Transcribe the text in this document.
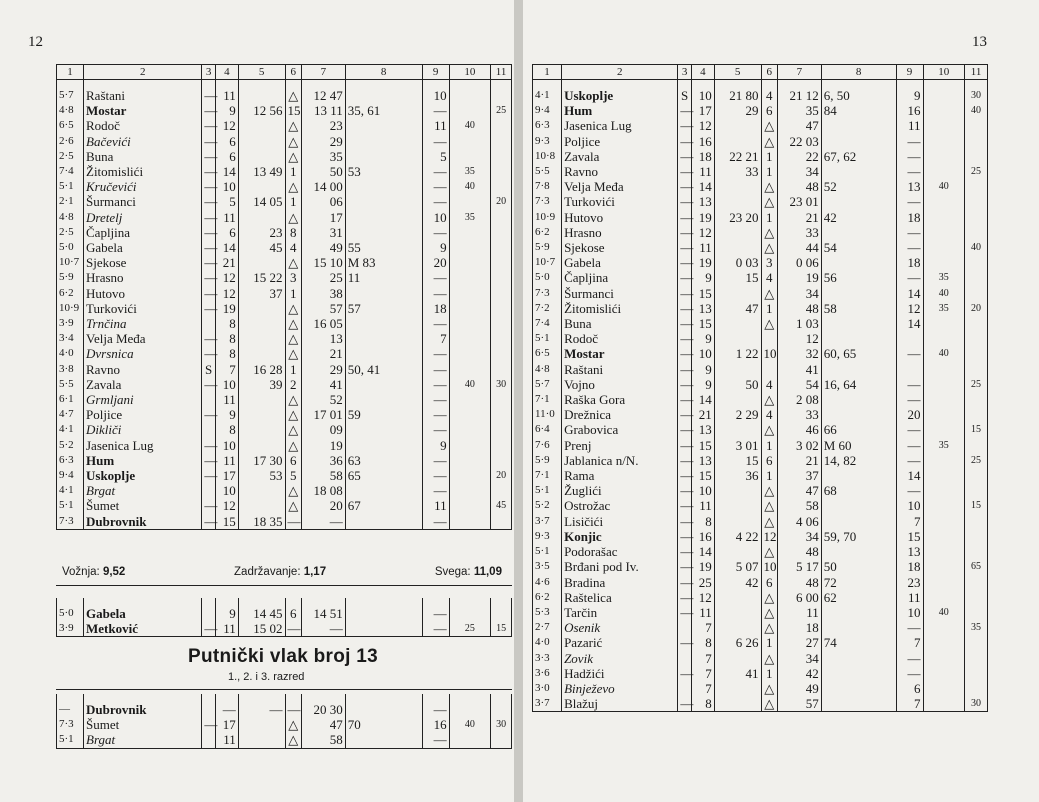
12	13
1	2	3	4	5	6	7	8	9	10	11
5·7	Raštani	—	11		△	12 47		10		
4·8	Mostar	—	9	12 56	15	13 11	35, 61	—		25
6·5	Rodoč	—	12		△	23		11	40	
2·6	Bačevići	—	6		△	29		—		
2·5	Buna	—	6		△	35		5		
7·4	Žitomislići	—	14	13 49	1	50	53	—	35	
5·1	Kručevići	—	10		△	14 00		—	40	
2·1	Šurmanci	—	5	14 05	1	06		—		20
4·8	Dretelj	—	11		△	17		10	35	
2·5	Čapljina	—	6	23	8	31		—		
5·0	Gabela	—	14	45	4	49	55	9		
10·7	Sjekose	—	21		△	15 10	M 83	20		
5·9	Hrasno	—	12	15 22	3	25	11	—		
6·2	Hutovo	—	12	37	1	38		—		
10·9	Turkovići	—	19		△	57	57	18		
3·9	Trnčina		8		△	16 05		—		
3·4	Velja Međa	—	8		△	13		7		
4·0	Dvrsnica	—	8		△	21		—		
3·8	Ravno	S	7	16 28	1	29	50, 41	—		
5·5	Zavala	—	10	39	2	41		—	40	30
6·1	Grmljani		11		△	52		—		
4·7	Poljice	—	9		△	17 01	59	—		
4·1	Dikliči		8		△	09		—		
5·2	Jasenica Lug	—	10		△	19		9		
6·3	Hum	—	11	17 30	6	36	63	—		
9·4	Uskoplje	—	17	53	5	58	65	—		20
4·1	Brgat		10		△	18 08		—		
5·1	Šumet	—	12		△	20	67	11		45
7·3	Dubrovnik	—	15	18 35	—	—		—		
Vožnja: 9,52	Zadržavanje: 1,17	Svega: 11,09
5·0	Gabela		9	14 45	6	14 51		—		
3·9	Metković	—	11	15 02	—	—		—	25	15
Putnički vlak broj 13
1., 2. i 3. razred
—	Dubrovnik		—	—	—	20 30		—		
7·3	Šumet	—	17		△	47	70	16	40	30
5·1	Brgat		11		△	58		—		
1	2	3	4	5	6	7	8	9	10	11
4·1	Uskoplje	S	10	21 80	4	21 12	6, 50	9		30
9·4	Hum	—	17	29	6	35	84	16		40
6·3	Jasenica Lug	—	12		△	47		11		
9·3	Poljice	—	16		△	22 03		—		
10·8	Zavala	—	18	22 21	1	22	67, 62	—		
5·5	Ravno	—	11	33	1	34		—		25
7·8	Velja Međa	—	14		△	48	52	13	40	
7·3	Turkovići	—	13		△	23 01		—		
10·9	Hutovo	—	19	23 20	1	21	42	18		
6·2	Hrasno	—	12		△	33		—		
5·9	Sjekose	—	11		△	44	54	—		40
10·7	Gabela	—	19	0 03	3	0 06		18		
5·0	Čapljina	—	9	15	4	19	56	—	35	
7·3	Šurmanci	—	15		△	34		14	40	
7·2	Žitomislići	—	13	47	1	48	58	12	35	20
7·4	Buna	—	15		△	1 03		14		
5·1	Rodoč	—	9			12				
6·5	Mostar	—	10	1 22	10	32	60, 65	—	40	
4·8	Raštani	—	9			41				
5·7	Vojno	—	9	50	4	54	16, 64	—		25
7·1	Raška Gora	—	14		△	2 08		—		
11·0	Drežnica	—	21	2 29	4	33		20		
6·4	Grabovica	—	13		△	46	66	—		15
7·6	Prenj	—	15	3 01	1	3 02	M 60	—	35	
5·9	Jablanica n/N.	—	13	15	6	21	14, 82	—		25
7·1	Rama	—	15	36	1	37		14		
5·1	Žuglići	—	10		△	47	68	—		
5·2	Ostrožac	—	11		△	58		10		15
3·7	Lisičići	—	8		△	4 06		7		
9·3	Konjic	—	16	4 22	12	34	59, 70	15		
5·1	Podorašac	—	14		△	48		13		
3·5	Brđani pod Iv.	—	19	5 07	10	5 17	50	18		65
4·6	Bradina	—	25	42	6	48	72	23		
6·2	Raštelica	—	12		△	6 00	62	11		
5·3	Tarčin	—	11		△	11		10	40	
2·7	Osenik		7		△	18		—		35
4·0	Pazarić	—	8	6 26	1	27	74	7		
3·3	Zovik		7		△	34		—		
3·6	Hadžići	—	7	41	1	42		—		
3·0	Binježevo		7		△	49		6		
3·7	Blažuj	—	8		△	57		7		30
